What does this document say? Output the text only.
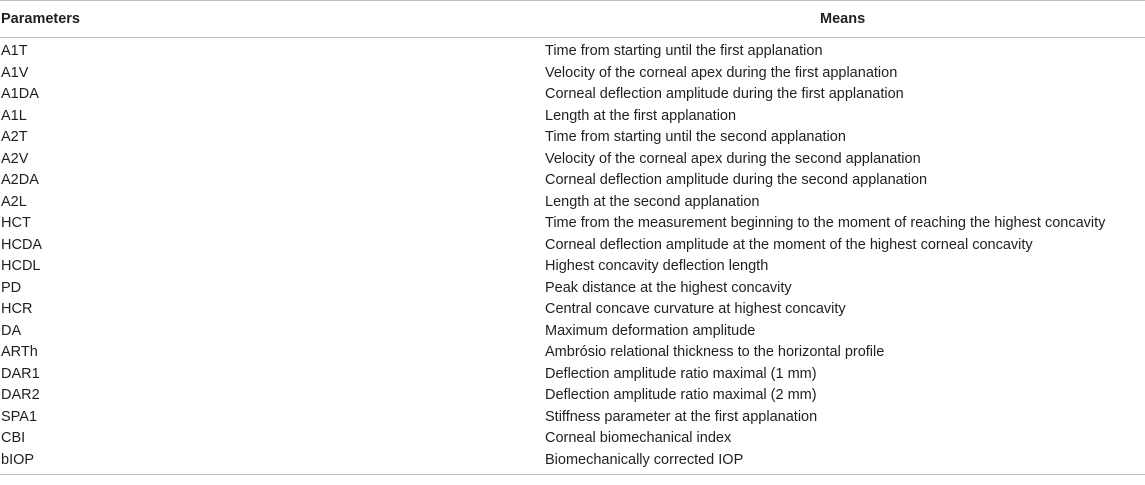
Parameters	Means
A1T	Time from starting until the first applanation
A1V	Velocity of the corneal apex during the first applanation
A1DA	Corneal deflection amplitude during the first applanation
A1L	Length at the first applanation
A2T	Time from starting until the second applanation
A2V	Velocity of the corneal apex during the second applanation
A2DA	Corneal deflection amplitude during the second applanation
A2L	Length at the second applanation
HCT	Time from the measurement beginning to the moment of reaching the highest concavity
HCDA	Corneal deflection amplitude at the moment of the highest corneal concavity
HCDL	Highest concavity deflection length
PD	Peak distance at the highest concavity
HCR	Central concave curvature at highest concavity
DA	Maximum deformation amplitude
ARTh	Ambrósio relational thickness to the horizontal profile
DAR1	Deflection amplitude ratio maximal (1 mm)
DAR2	Deflection amplitude ratio maximal (2 mm)
SPA1	Stiffness parameter at the first applanation
CBI	Corneal biomechanical index
bIOP	Biomechanically corrected IOP
